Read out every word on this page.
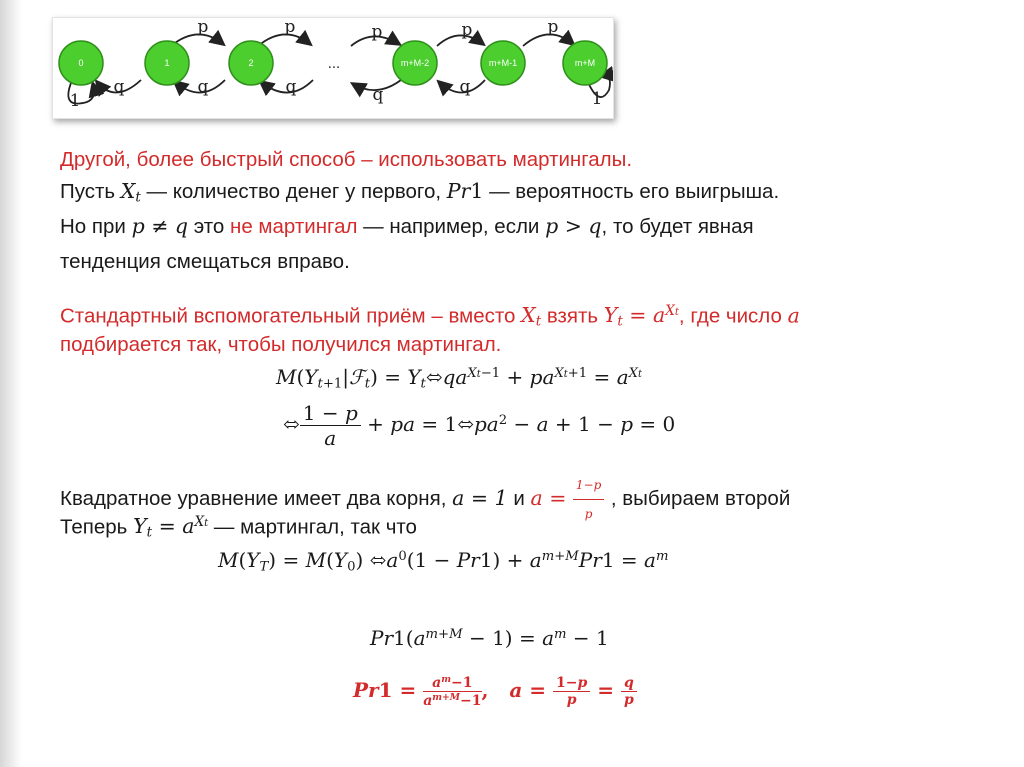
0	1	2	m+M-2	m+M-1	m+M
p	p	p	p	p
q	q	q	q	q
1	1
...
Другой, более быстрый способ – использовать мартингалы.
Пусть $X_t$ — количество денег у первого, Pr1 — вероятность его выигрыша.
Но при p ≠ q это не мартингал — например, если p > q, то будет явная
тенденция смещаться вправо.
Стандартный вспомогательный приём – вместо $X_t$ взять $Y_t = a^{Xt}$, где число a
подбирается так, чтобы получился мартингал.
$M(Y_{t+1}|ℱ_t)$ = $Y_t⬄qa^{Xt-1} + pa^{Xt+1} = a^{Xt}$
⬄ $\frac{1 - p}{a}$ + pa = $1⬄pa^2 - a + 1 - p = 0$
Квадратное уравнение имеет два корня, a = 1 и $a = \frac{1-p}{p}$ , выбираем второй
Теперь $Y_t = a^{Xt}$ — мартингал, так что
$M(Y_T) = M(Y_0)$ $⬄a^0(1 - Pr1) + a^{m+M}Pr1 = a^m$
$Pr1(a^{m+M} - 1) = a^m - 1$
$Pr1 = \frac{a^m-1}{a^{m+M}-1}$ ,   $a = \frac{1-p}{p} = \frac{q}{p}$
